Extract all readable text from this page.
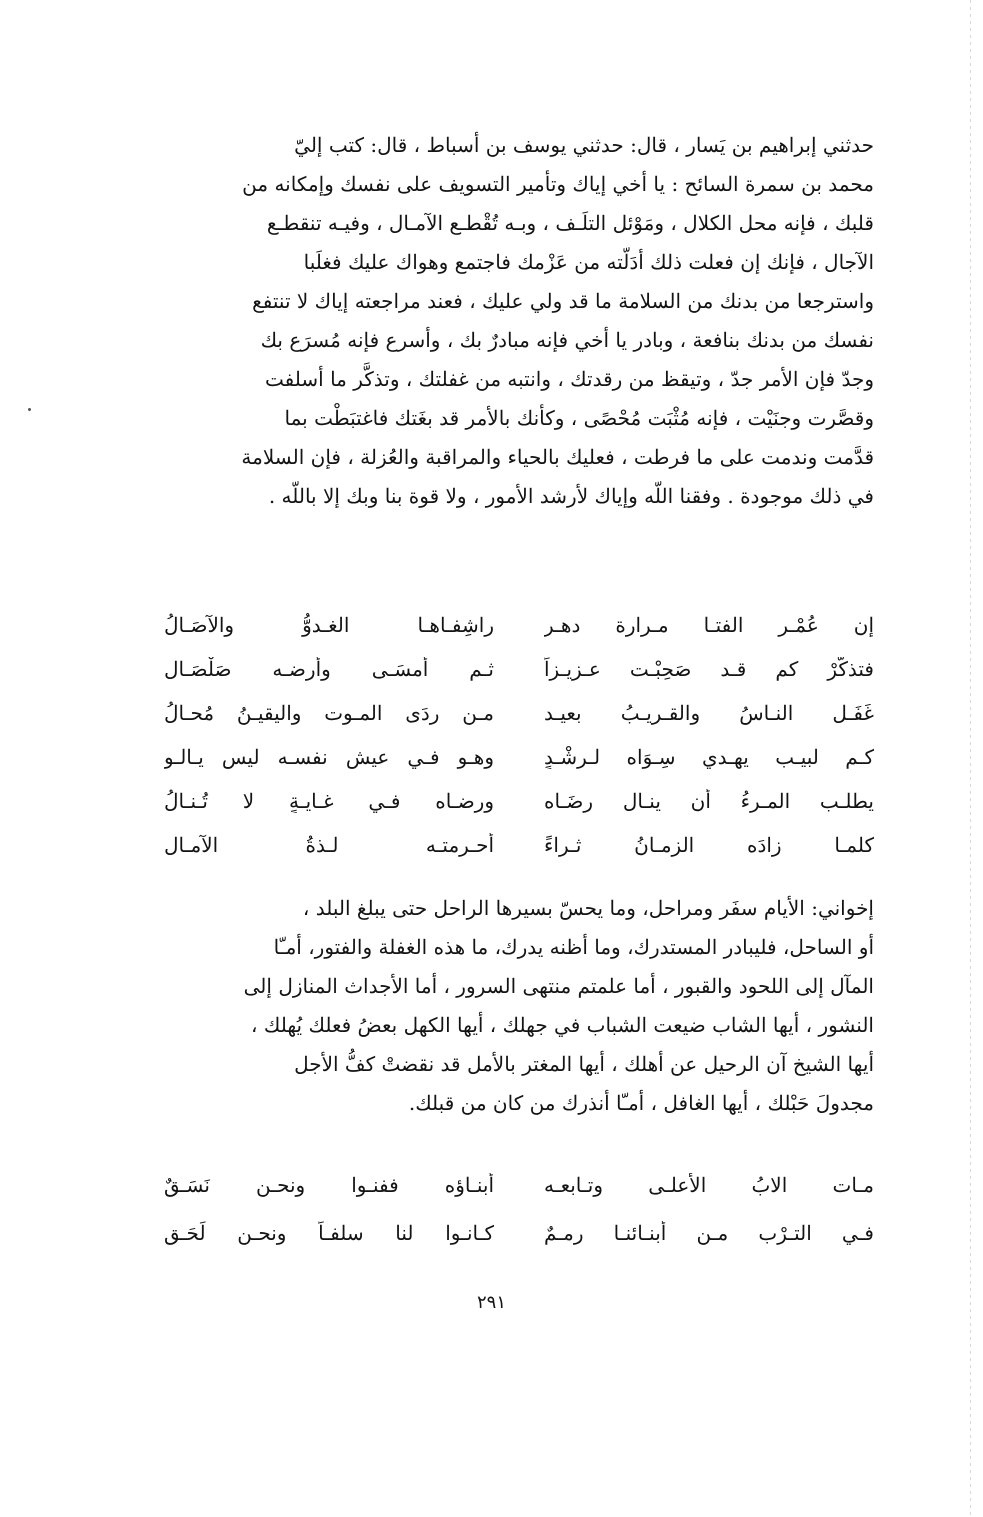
حدثني إبراهيم بن يَسار ، قال: حدثني يوسف بن أسباط ، قال: كتب إليّ
محمد بن سمرة السائح : يا أخي إياك وتأمير التسويف على نفسك وإمكانه من
قلبك ، فإنه محل الكلال ، ومَوْئل التلَـف ، وبـه تُقْطـع الآمـال ، وفيـه تنقطـع
الآجال ، فإنك إن فعلت ذلك أدَلّته من عَزْمك فاجتمع وهواك عليك فغلَبا
واسترجعا من بدنك من السلامة ما قد ولي عليك ، فعند مراجعته إياك لا تنتفع
نفسك من بدنك بنافعة ، وبادر يا أخي فإنه مبادرٌ بك ، وأسرع فإنه مُسرَع بك
وجدّ فإن الأمر جدّ ، وتيقظ من رقدتك ، وانتبه من غفلتك ، وتذكَّر ما أسلفت
وقصَّرت وجنَيْت ، فإنه مُثْبَت مُحْصًى ، وكأنك بالأمر قد بغَتك فاغتبَطْت بما
قدَّمت وندمت على ما فرطت ، فعليك بالحياء والمراقبة والعُزلة ، فإن السلامة
في ذلك موجودة . وفقنا اللّه وإياك لأرشد الأمور ، ولا قوة بنا وبك إلا باللّه .
إن عُمْـر الفتـا مـرارة دهـر
راشِفـاهـا الغـدوُّ والآصَـالُ
فتذكَّرْ كم قـد صَحِبْـت عـزيـزاً
ثـم أمسَـى وأرضـه صَلْصَـال
غَفَـل النـاسُ والقـريـبُ بعيـد
مـن ردَى المـوت واليقيـنُ مُحـالُ
كـم لبيـب يهـدي سِـوَاه لـرشْـدٍ
وهـو فـي عيش نفسـه ليس يـالـو
يطلـب المـرءُ أن ينـال رِضَـاه
ورضـاه فـي غـايـةٍ لا تُـنـالُ
كلمـا زادَه الزمـانُ ثـراءً
أحـرمتـه لـذةُ الآمـال
إخواني: الأيام سفَر ومراحل، وما يحسّ بسيرها الراحل حتى يبلغ البلد ،
أو الساحل، فليبادر المستدرك، وما أظنه يدرك، ما هذه الغفلة والفتور، أمـّا
المآل إلى اللحود والقبور ، أما علمتم منتهى السرور ، أما الأجداث المنازل إلى
النشور ، أيها الشاب ضيعت الشباب في جهلك ، أيها الكهل بعضُ فعلك يُهلك ،
أيها الشيخ آن الرحيل عن أهلك ، أيها المغتر بالأمل قد نقضتْ كفُّ الأجل
مجدولَ حَبْلك ، أيها الغافل ، أمـّا أنذرك من كان من قبلك.
مـات الابُ الأعلـى وتـابعـه
أبنـاؤه ففنـوا ونحـن نَسَـقٌ
فـي التـرْب مـن أبنـائنـا رِمـمٌ
كـانـوا لنا سلفـاً ونحـن لَحَـق
٢٩١
